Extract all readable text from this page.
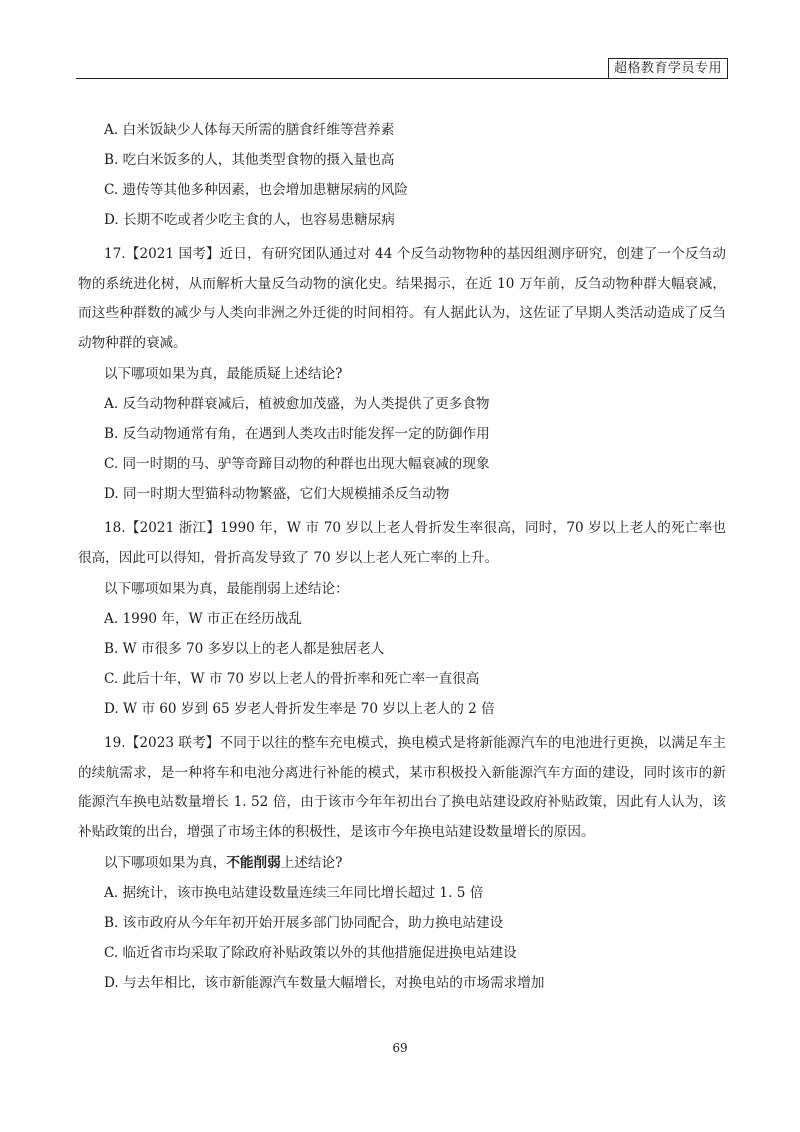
超格教育学员专用

A. 白米饭缺少人体每天所需的膳食纤维等营养素

B. 吃白米饭多的人，其他类型食物的摄入量也高

C. 遗传等其他多种因素，也会增加患糖尿病的风险

D. 长期不吃或者少吃主食的人，也容易患糖尿病

17.【2021 国考】近日，有研究团队通过对 44 个反刍动物物种的基因组测序研究，创建了一个反刍动物的系统进化树，从而解析大量反刍动物的演化史。结果揭示，在近 10 万年前，反刍动物种群大幅衰减，而这些种群数的减少与人类向非洲之外迁徙的时间相符。有人据此认为，这佐证了早期人类活动造成了反刍动物种群的衰减。

以下哪项如果为真，最能质疑上述结论?

A. 反刍动物种群衰减后，植被愈加茂盛，为人类提供了更多食物

B. 反刍动物通常有角，在遇到人类攻击时能发挥一定的防御作用

C. 同一时期的马、驴等奇蹄目动物的种群也出现大幅衰减的现象

D. 同一时期大型猫科动物繁盛，它们大规模捕杀反刍动物

18.【2021 浙江】1990 年，W 市 70 岁以上老人骨折发生率很高，同时，70 岁以上老人的死亡率也很高，因此可以得知，骨折高发导致了 70 岁以上老人死亡率的上升。

以下哪项如果为真，最能削弱上述结论：

A. 1990 年，W 市正在经历战乱

B. W 市很多 70 多岁以上的老人都是独居老人

C. 此后十年，W 市 70 岁以上老人的骨折率和死亡率一直很高

D. W 市 60 岁到 65 岁老人骨折发生率是 70 岁以上老人的 2 倍

19.【2023 联考】不同于以往的整车充电模式，换电模式是将新能源汽车的电池进行更换，以满足车主的续航需求，是一种将车和电池分离进行补能的模式，某市积极投入新能源汽车方面的建设，同时该市的新能源汽车换电站数量增长 1. 52 倍，由于该市今年年初出台了换电站建设政府补贴政策，因此有人认为，该补贴政策的出台，增强了市场主体的积极性，是该市今年换电站建设数量增长的原因。

以下哪项如果为真，不能削弱上述结论?

A. 据统计，该市换电站建设数量连续三年同比增长超过 1. 5 倍

B. 该市政府从今年年初开始开展多部门协同配合，助力换电站建设

C. 临近省市均采取了除政府补贴政策以外的其他措施促进换电站建设

D. 与去年相比，该市新能源汽车数量大幅增长，对换电站的市场需求增加

69
